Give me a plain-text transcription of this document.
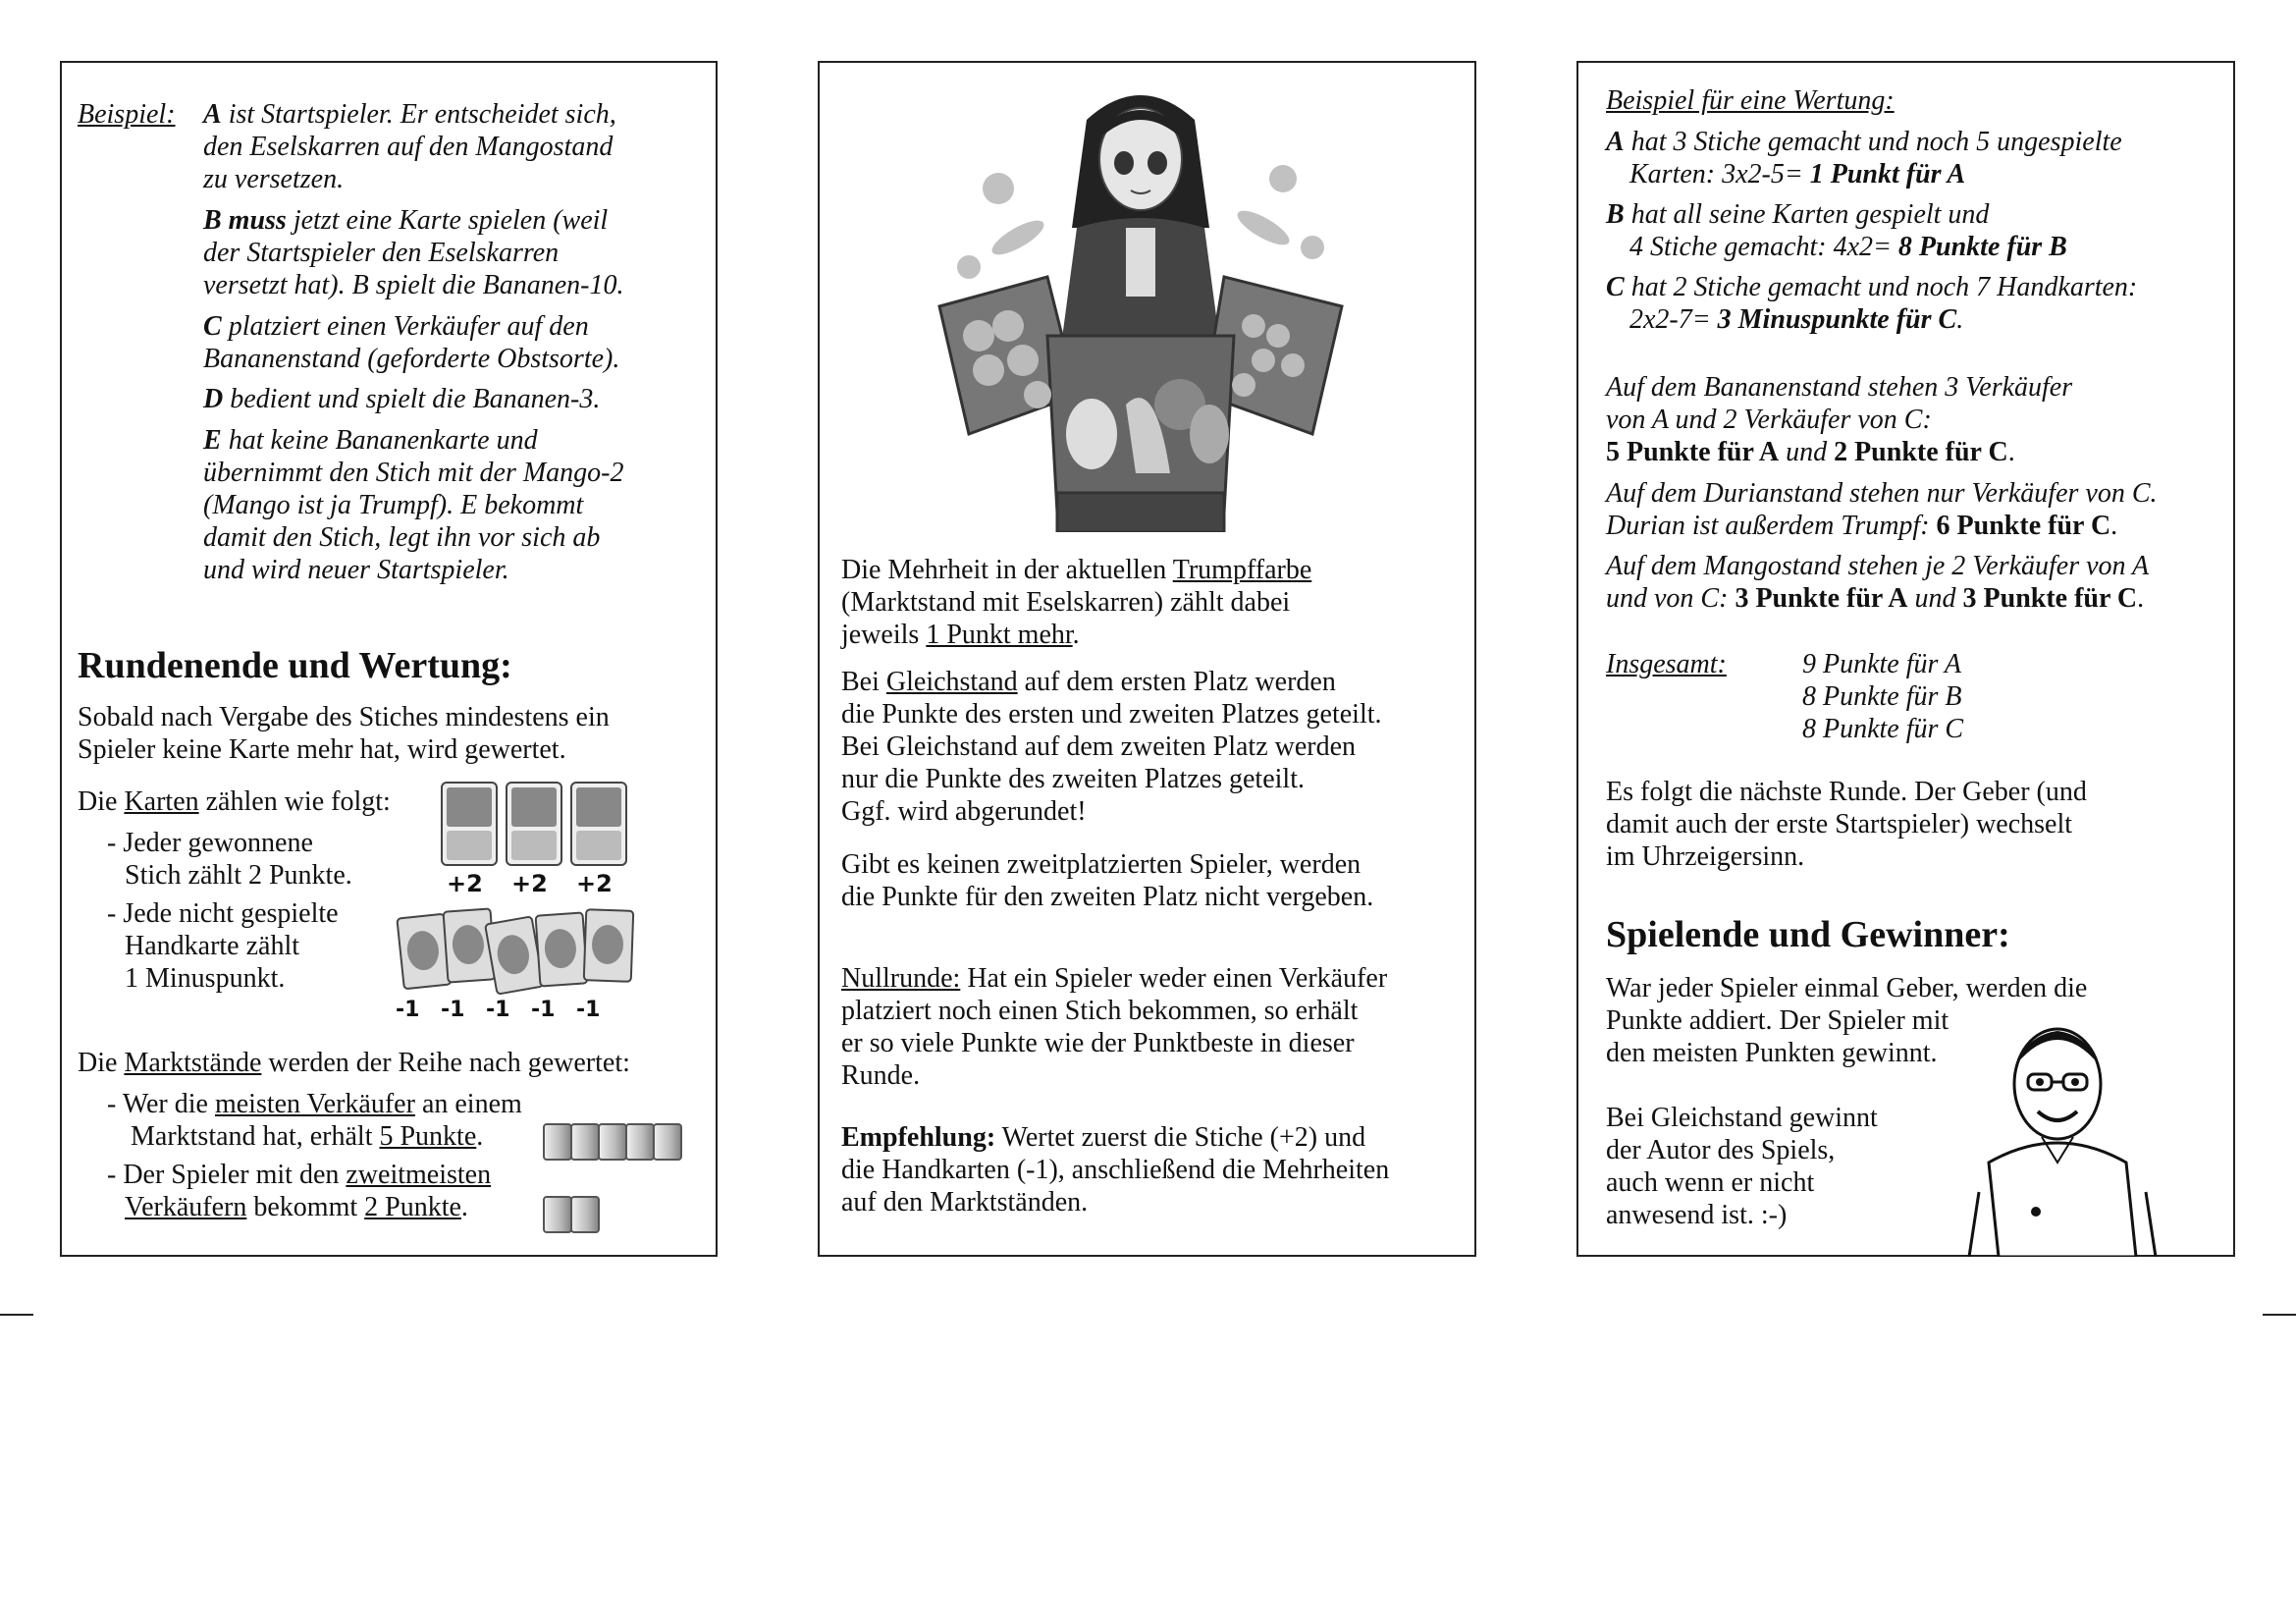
Beispiel: A ist Startspieler. Er entscheidet sich,
den Eselskarren auf den Mangostand
zu versetzen.
B muss jetzt eine Karte spielen (weil
der Startspieler den Eselskarren
versetzt hat). B spielt die Bananen-10.
C platziert einen Verkäufer auf den
Bananenstand (geforderte Obstsorte).
D bedient und spielt die Bananen-3.
E hat keine Bananenkarte und
übernimmt den Stich mit der Mango-2
(Mango ist ja Trumpf). E bekommt
damit den Stich, legt ihn vor sich ab
und wird neuer Startspieler.
Rundenende und Wertung:
Sobald nach Vergabe des Stiches mindestens ein
Spieler keine Karte mehr hat, wird gewertet.
Die Karten zählen wie folgt:
+2 +2 +2
- Jeder gewonnene
Stich zählt 2 Punkte.
- Jede nicht gespielte
Handkarte zählt
1 Minuspunkt.
-1 -1 -1 -1 -1
Die Marktstände werden der Reihe nach gewertet:
- Wer die meisten Verkäufer an einem
Marktstand hat, erhält 5 Punkte.
- Der Spieler mit den zweitmeisten
Verkäufern bekommt 2 Punkte.
Die Mehrheit in der aktuellen Trumpffarbe
(Marktstand mit Eselskarren) zählt dabei
jeweils 1 Punkt mehr.
Bei Gleichstand auf dem ersten Platz werden
die Punkte des ersten und zweiten Platzes geteilt.
Bei Gleichstand auf dem zweiten Platz werden
nur die Punkte des zweiten Platzes geteilt.
Ggf. wird abgerundet!
Gibt es keinen zweitplatzierten Spieler, werden
die Punkte für den zweiten Platz nicht vergeben.
Nullrunde: Hat ein Spieler weder einen Verkäufer
platziert noch einen Stich bekommen, so erhält
er so viele Punkte wie der Punktbeste in dieser
Runde.
Empfehlung: Wertet zuerst die Stiche (+2) und
die Handkarten (-1), anschließend die Mehrheiten
auf den Marktständen.
Beispiel für eine Wertung:
A hat 3 Stiche gemacht und noch 5 ungespielte
Karten: 3x2-5= 1 Punkt für A
B hat all seine Karten gespielt und
4 Stiche gemacht: 4x2= 8 Punkte für B
C hat 2 Stiche gemacht und noch 7 Handkarten:
2x2-7= 3 Minuspunkte für C.
Auf dem Bananenstand stehen 3 Verkäufer
von A und 2 Verkäufer von C:
5 Punkte für A und 2 Punkte für C.
Auf dem Durianstand stehen nur Verkäufer von C.
Durian ist außerdem Trumpf: 6 Punkte für C.
Auf dem Mangostand stehen je 2 Verkäufer von A
und von C: 3 Punkte für A und 3 Punkte für C.
Insgesamt:	9 Punkte für A
8 Punkte für B
8 Punkte für C
Es folgt die nächste Runde. Der Geber (und
damit auch der erste Startspieler) wechselt
im Uhrzeigersinn.
Spielende und Gewinner:
War jeder Spieler einmal Geber, werden die
Punkte addiert. Der Spieler mit
den meisten Punkten gewinnt.
Bei Gleichstand gewinnt
der Autor des Spiels,
auch wenn er nicht
anwesend ist. :-)
